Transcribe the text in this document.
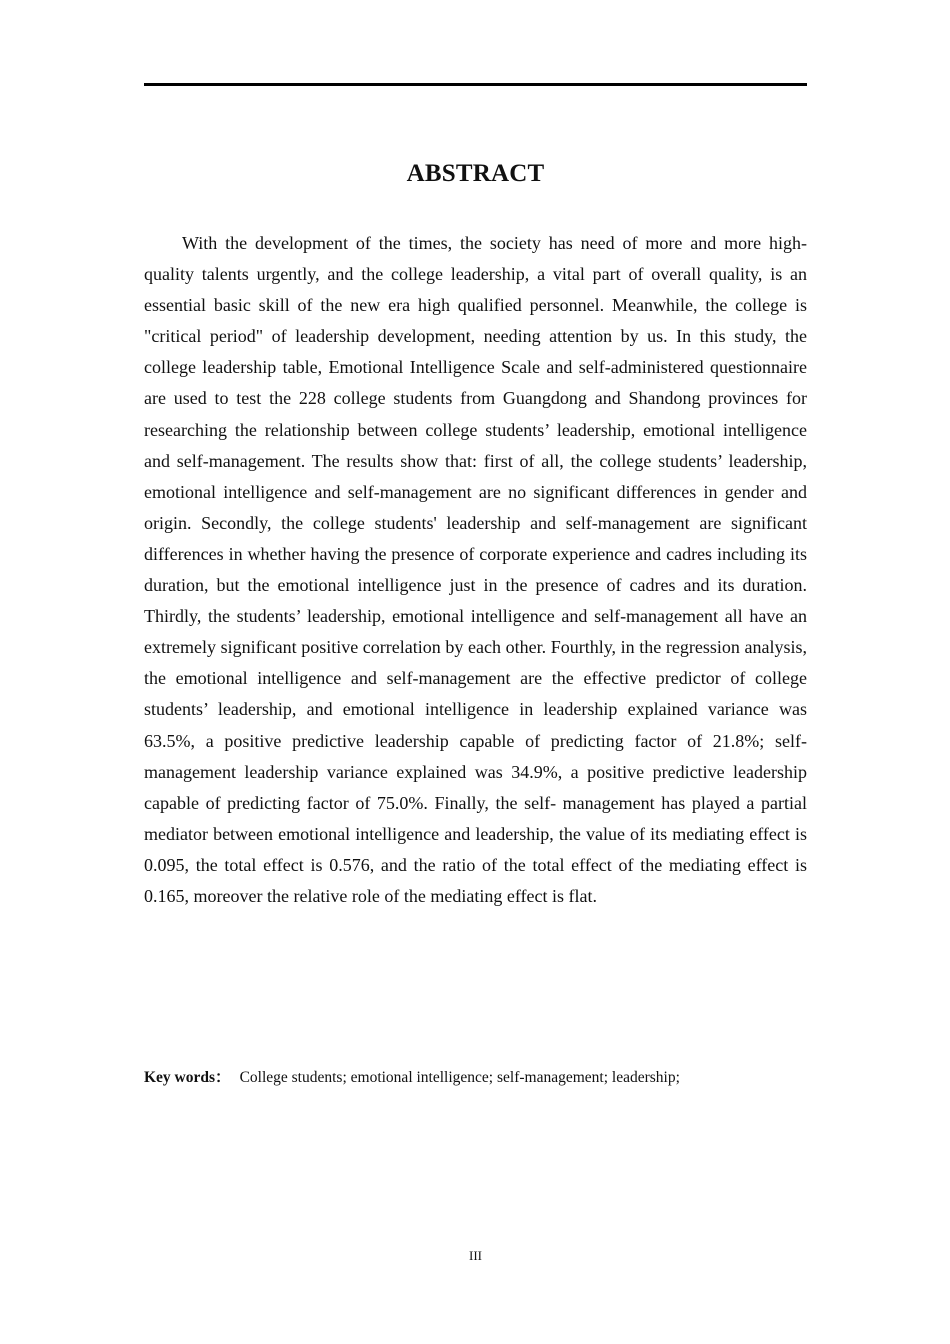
ABSTRACT

With the development of the times, the society has need of more and more high-quality talents urgently, and the college leadership, a vital part of overall quality, is an essential basic skill of the new era high qualified personnel. Meanwhile, the college is "critical period" of leadership development, needing attention by us. In this study, the college leadership table, Emotional Intelligence Scale and self-administered questionnaire are used to test the 228 college students from Guangdong and Shandong provinces for researching the relationship between college students’ leadership, emotional intelligence and self-management. The results show that: first of all, the college students’ leadership, emotional intelligence and self-management are no significant differences in gender and origin. Secondly, the college students' leadership and self-management are significant differences in whether having the presence of corporate experience and cadres including its duration, but the emotional intelligence just in the presence of cadres and its duration. Thirdly, the students’ leadership, emotional intelligence and self-management all have an extremely significant positive correlation by each other. Fourthly, in the regression analysis, the emotional intelligence and self-management are the effective predictor of college students’ leadership, and emotional intelligence in leadership explained variance was 63.5%, a positive predictive leadership capable of predicting factor of 21.8%; self-management leadership variance explained was 34.9%, a positive predictive leadership capable of predicting factor of 75.0%. Finally, the self- management has played a partial mediator between emotional intelligence and leadership, the value of its mediating effect is 0.095, the total effect is 0.576, and the ratio of the total effect of the mediating effect is 0.165, moreover the relative role of the mediating effect is flat.

Key words： College students; emotional intelligence; self-management; leadership;
III
